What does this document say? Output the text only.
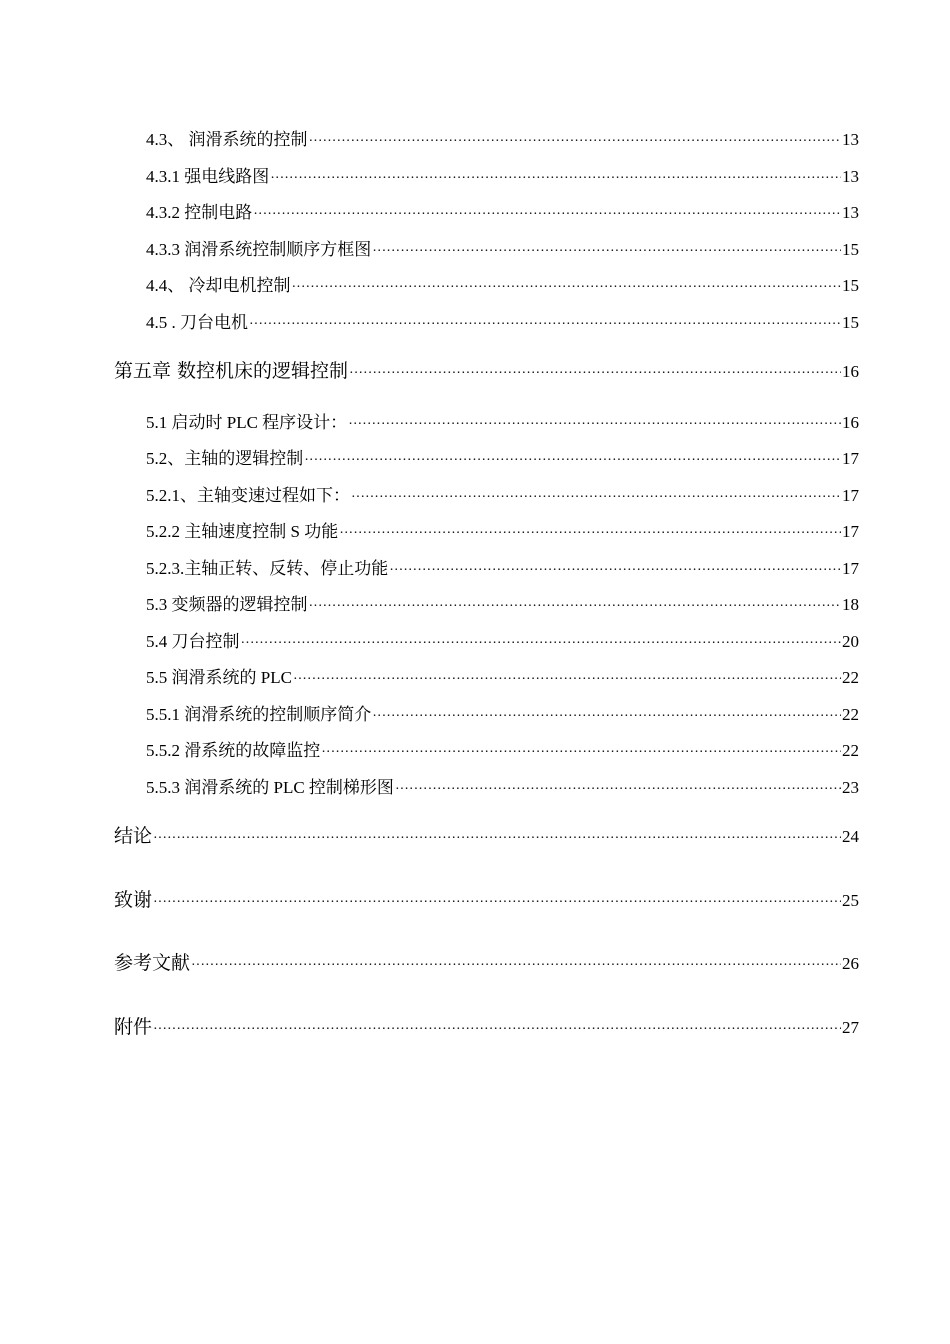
4.3、 润滑系统的控制 ·····	13
4.3.1 强电线路图 ·····	13
4.3.2 控制电路 ·····	13
4.3.3 润滑系统控制顺序方框图 ·····	15
4.4、 冷却电机控制 ·····	15
4.5 . 刀台电机 ·····	15
第五章 数控机床的逻辑控制 ·····	16
5.1 启动时 PLC 程序设计： ·····	16
5.2、主轴的逻辑控制 ·····	17
5.2.1、主轴变速过程如下： ·····	17
5.2.2 主轴速度控制 S 功能 ·····	17
5.2.3.主轴正转、反转、停止功能 ·····	17
5.3 变频器的逻辑控制 ·····	18
5.4 刀台控制 ·····	20
5.5 润滑系统的 PLC ·····	22
5.5.1 润滑系统的控制顺序简介 ·····	22
5.5.2 滑系统的故障监控 ·····	22
5.5.3 润滑系统的 PLC 控制梯形图 ·····	23
结论 ·····	24
致谢 ·····	25
参考文献 ·····	26
附件 ·····	27
